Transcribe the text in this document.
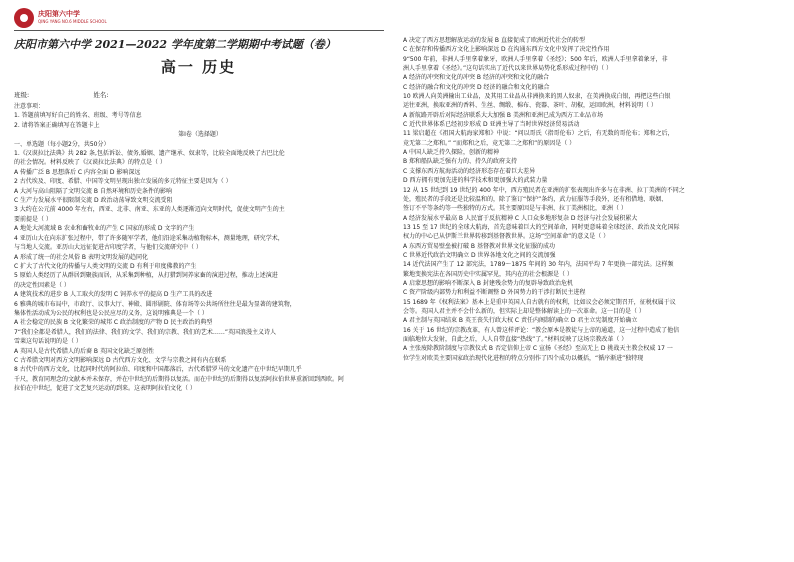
庆阳第六中学
QING YANG NO.6 MIDDLE SCHOOL
庆阳市第六中学 2021—2022 学年度第二学期期中考试题（卷）
高一 历史
班级:	姓名:
注意事项：
1. 答题前填写好自己的姓名、班级、考号等信息
2. 请将答案正确填写在答题卡上
第Ⅰ卷（选择题）
一、单选题（每小题2分，共50分）
1.《汉谟拉比法典》共 282 条,包括诉讼、债务,婚姻、遗产继承、奴隶等，比较全面地反映了古巴比伦
的社会情况。材料反映了《汉谟拉比法典》的特点是（ ）
A 传播广泛 B 思想落后 C 内容全面 D 影响深远
2 古代埃及、印度、希腊、中国等文明呈现出独立发展的多元特征主要是因为（ ）
A 大河与高山阻隔了文明交流 B 自然环境和历史条件的影响
C 生产力发展水平很限制交流 D 政治动荡导致文明交流受阻
3 大约在公元前 4000 年左右，西亚、北非、南亚、东亚的人类逐渐迈向文明时代，促使文明产生的主
要前提是（ ）
A 地处大河流域 B 农业和畜牧业的产生 C 国家的形成 D 文字的产生
4 亚历山大在向东扩张过程中，带了许多随军学者，他们沿途采集动植物标本，测量地理，研究学术，
与当地人交流。亚历山大远征促进古印度学者，与他们交流研究中（ ）
A 形成了统一的社会风俗 B 表明文明发展的趋同化
C 扩大了古代文化的传播与人类文明的交流 D 有利于印度佛教的产生
5 原始人类经历了从群居到聚族而居，从采集到种植，从打猎到饲养家畜的演进过程，推动上述演进
的决定性因素是（ ）
A 建筑技术的进步 B 人工取火的发明 C 饲养水平的提高 D 生产工具的改进
6 雅典的城市布局中，市政厅、议事大厅、神殿、圆形剧院、体育场等公共场所往往是最为显著的建筑物，
集体性活动成为公民的权利也是公民应尽的义务，这说明雅典是一个（ ）
A 社会稳定的民族 B 文化繁荣的城邦 C 政治制度的产物 D 民主政治的典型
7“我们全都是希腊人，我们的法律、我们的文学、我们的宗教、我们的艺术……”英国浪漫主义诗人
雪莱这句话说明的是（ ）
A 英国人是古代希腊人的后裔 B 英国文化缺乏原创性
C 古希腊文明对西方文明影响深远 D 古代西方文化、文学与宗教之间有内在联系
8 古代中的西方文化，比起同时代的阿拉伯、印度和中国都落后，古代希腊罗马的文化遗产在中世纪早期几乎
千尺，教育同理念的文献本并未保存，并在中世纪的后期得以复活。而在中世纪的后期得以复活阿拉伯世界重新回到西欧。阿
拉伯在中世纪，促进了文艺复兴运动的到来。这表明阿拉伯文化（ ）
A 决定了西方思想解放运动的发展 B 直接促成了欧洲近代社会的转型
C 在保存和传播西方文化上影响深远 D 在沟通东西方文化中发挥了决定性作用
9“500 年前，非洲人手里拿着象牙，欧洲人手里拿着《圣经》；500 年后，欧洲人手里拿着象牙，非
洲人手里拿着《圣经》。”这句话实出了近代以来世界局势化系形成过程中的（ ）
A 经济的冲突和文化的冲突 B 经济的冲突和文化的融合
C 经济的融合和文化的冲突 D 经济的融合和文化的融合
10 欧洲人向美洲输出工业品，及其用工业品从非洲换来的黑人奴隶，在美洲换成白银，再把这些白银
运往亚洲，换取亚洲的香料、生丝、绸缎、棉布、瓷器、茶叶、胡椒，运回欧洲，材料说明（ ）
A 新航路开辟后对际经济联系大大加强 B 美洲和亚洲已成为西方工业品市场
C 近代世界体系已经初步形成 D 亚洲主导了当时世界经济贸易活动
11 梁启超在《祖国大航海家郑和》中说：“问以哥氏（指哥伦布）之后，有无数的哥伦布；郑和之后，
竟无第二之郑和。” “而郑和之后，竟无第二之郑和”的原因是（ ）
A 中国人缺乏持久探险，创新的精神
B 郑和船队缺乏强有力的、持久的政府支持
C 支撑东西方航海活动的经济形态存在着巨大差异
D 西方拥有更加先进的科学技术和更加强大的武装力量
12 从 15 世纪到 19 世纪的 400 年中，西方殖民者在亚洲的扩张表现出许多与在非洲、拉丁美洲的不同之
处，殖民者的手段还是比较温和的，除了鉴订“保护”条约，武力征服等手段外，还有租借地、联姻、
签订不平等条约等一些独特的方式。其主要原因是与非洲、拉丁美洲相比，亚洲（ ）
A 经济发展水平最高 B 人民富于反抗精神 C 人口众多地形复杂 D 经济与社会发展积累大
13 15 至 17 世纪的全球大航海，首先意味着巨大的空间革命，同时更意味着全球经济、政治及文化国际
权力的中心已从伊斯兰世界转移到基督教世界。这场“空间革命”的意义是（ ）
A 东西方贸易壁垒被打破 B 基督教对世界文化征服的成功
C 世界近代政治文明确立 D 世界各地文化之间的交流加强
14 近代法国产生了 12 部宪法，1789～1875 年间的 30 年内，法国平均 7 年更换一部宪法。这样频
繁地变换宪法在各国历史中实属罕见，其内在的社会根源是（ ）
A 启蒙思想的影响不断深入 B 封建残余势力的复辟导致政治危机
C 资产阶级内部势力和利益不断调整 D 外国势力的干涉打断民主进程
15 1689 年《权利法案》基本上是重申英国人自古就有的权利，比如议会必须定期召开，征税权属于议
会等。英国人君主并不会什么新的，但实际上却是整体解读上的一次革命。这一目的是（ ）
A 君主制与英国结束 B 英王丧失行政大权 C 责任内阁制的确立 D 君主立宪制度开始确立
16 关于 16 世纪的宗教改革，有人曾这样评论：“教会原本是教徒与上帝的通道，这一过程中造成了他信
面临地位大发射，自此之后，人人自带直接“热线”了。”材料反映了这场宗教改革（ ）
A 主张废除教阶制度与宗教仪式 B 否定信仰上帝 C 宣扬《圣经》至高无上 D 挑战天主教会权威 17 一
位学生对欧美主要国家政治现代化进程的特点分别作了四个成功以概括，“循序渐进”独特现
